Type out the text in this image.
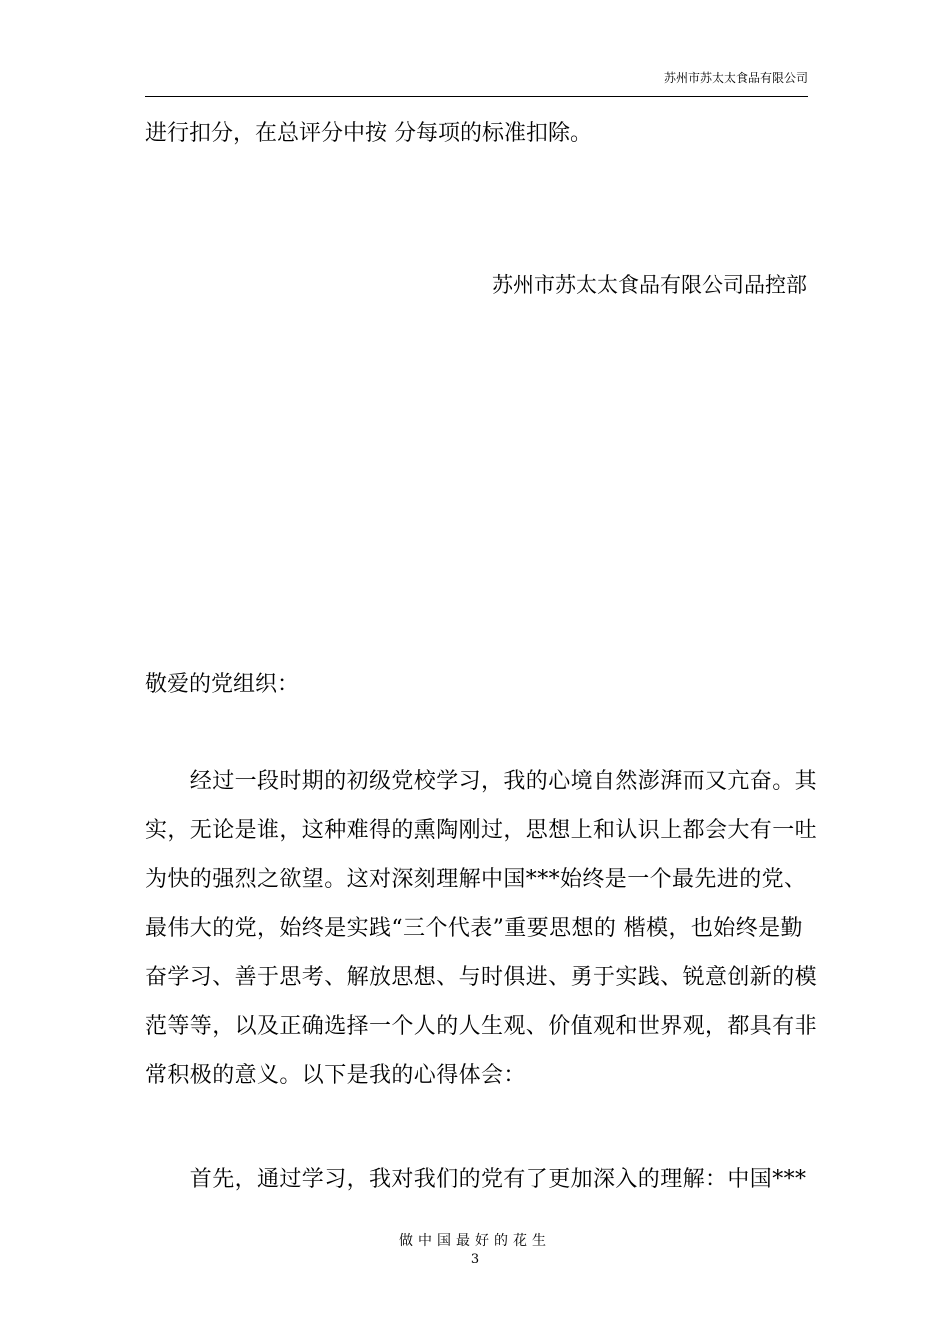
苏州市苏太太食品有限公司
进行扣分，在总评分中按 分每项的标准扣除。
苏州市苏太太食品有限公司品控部
敬爱的党组织：
　　经过一段时期的初级党校学习，我的心境自然澎湃而又亢奋。其
实，无论是谁，这种难得的熏陶刚过，思想上和认识上都会大有一吐
为快的强烈之欲望。这对深刻理解中国***始终是一个最先进的党、
最伟大的党，始终是实践“三个代表”重要思想的 楷模，也始终是勤
奋学习、善于思考、解放思想、与时俱进、勇于实践、锐意创新的模
范等等，以及正确选择一个人的人生观、价值观和世界观，都具有非
常积极的意义。以下是我的心得体会：
　　首先，通过学习，我对我们的党有了更加深入的理解：中国***
做中国最好的花生
3
